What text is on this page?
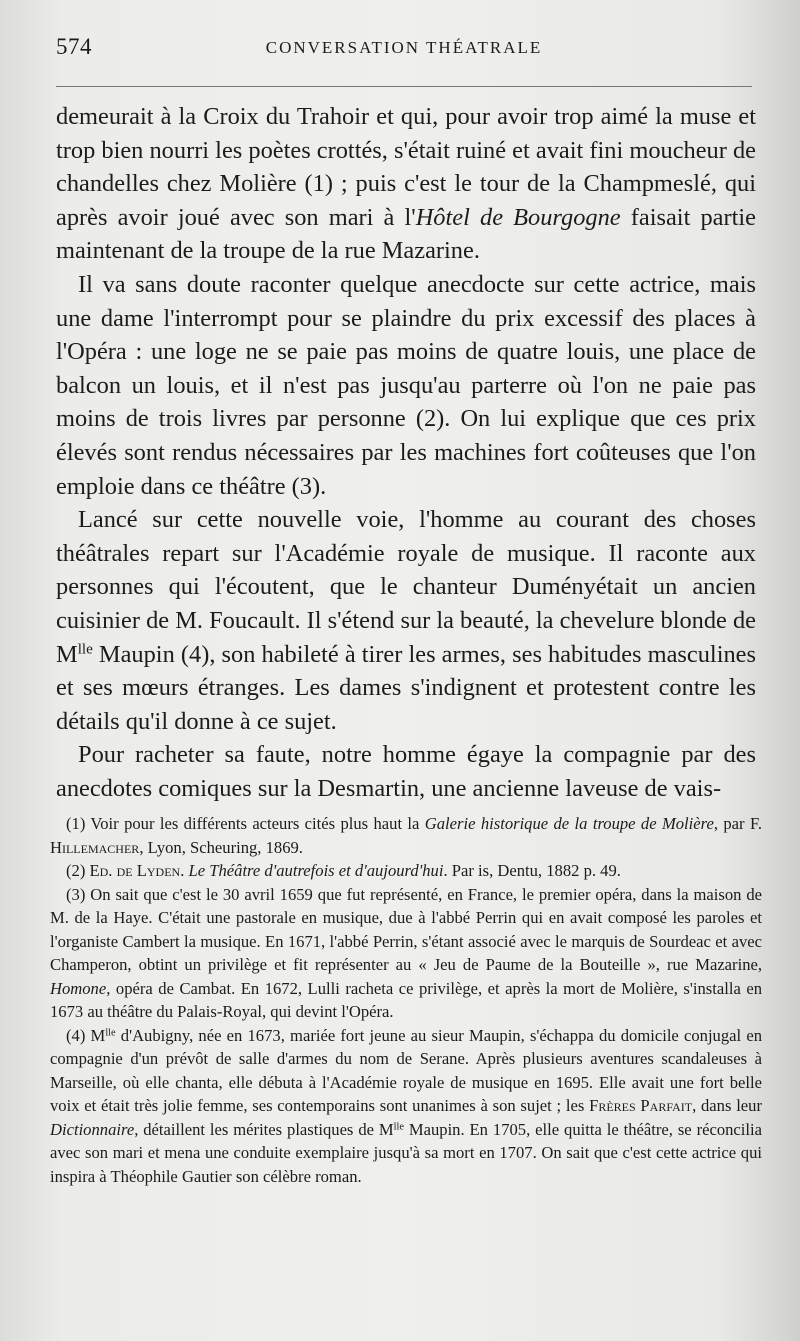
574	CONVERSATION THÉATRALE

demeurait à la Croix du Trahoir et qui, pour avoir trop aimé la muse et trop bien nourri les poètes crottés, s'était ruiné et avait fini moucheur de chandelles chez Molière (1) ; puis c'est le tour de la Champmeslé, qui après avoir joué avec son mari à l'Hôtel de Bourgogne faisait partie maintenant de la troupe de la rue Mazarine.

Il va sans doute raconter quelque anecdocte sur cette actrice, mais une dame l'interrompt pour se plaindre du prix excessif des places à l'Opéra : une loge ne se paie pas moins de quatre louis, une place de balcon un louis, et il n'est pas jusqu'au parterre où l'on ne paie pas moins de trois livres par personne (2). On lui explique que ces prix élevés sont rendus nécessaires par les machines fort coûteuses que l'on emploie dans ce théâtre (3).

Lancé sur cette nouvelle voie, l'homme au courant des choses théâtrales repart sur l'Académie royale de musique. Il raconte aux personnes qui l'écoutent, que le chanteur Duményétait un ancien cuisinier de M. Foucault. Il s'étend sur la beauté, la chevelure blonde de $M^{lle}$ Maupin (4), son habileté à tirer les armes, ses habitudes masculines et ses mœurs étranges. Les dames s'indignent et protestent contre les détails qu'il donne à ce sujet.

Pour racheter sa faute, notre homme égaye la compagnie par des anecdotes comiques sur la Desmartin, une ancienne laveuse de vais-

(1) Voir pour les différents acteurs cités plus haut la Galerie historique de la troupe de Molière, par F. Hillemacher, Lyon, Scheuring, 1869.

(2) Ed. de Lyden. Le Théâtre d'autrefois et d'aujourd'hui. Par is, Dentu, 1882 p. 49.

(3) On sait que c'est le 30 avril 1659 que fut représenté, en France, le premier opéra, dans la maison de M. de la Haye. C'était une pastorale en musique, due à l'abbé Perrin qui en avait composé les paroles et l'organiste Cambert la musique. En 1671, l'abbé Perrin, s'étant associé avec le marquis de Sourdeac et avec Champeron, obtint un privilège et fit représenter au « Jeu de Paume de la Bouteille », rue Mazarine, Homone, opéra de Cambat. En 1672, Lulli racheta ce privilège, et après la mort de Molière, s'installa en 1673 au théâtre du Palais-Royal, qui devint l'Opéra.

(4) $M^{lle}$ d'Aubigny, née en 1673, mariée fort jeune au sieur Maupin, s'échappa du domicile conjugal en compagnie d'un prévôt de salle d'armes du nom de Serane. Après plusieurs aventures scandaleuses à Marseille, où elle chanta, elle débuta à l'Académie royale de musique en 1695. Elle avait une fort belle voix et était très jolie femme, ses contemporains sont unanimes à son sujet ; les Frères Parfait, dans leur Dictionnaire, détaillent les mérites plastiques de $M^{lle}$ Maupin. En 1705, elle quitta le théâtre, se réconcilia avec son mari et mena une conduite exemplaire jusqu'à sa mort en 1707. On sait que c'est cette actrice qui inspira à Théophile Gautier son célèbre roman.
